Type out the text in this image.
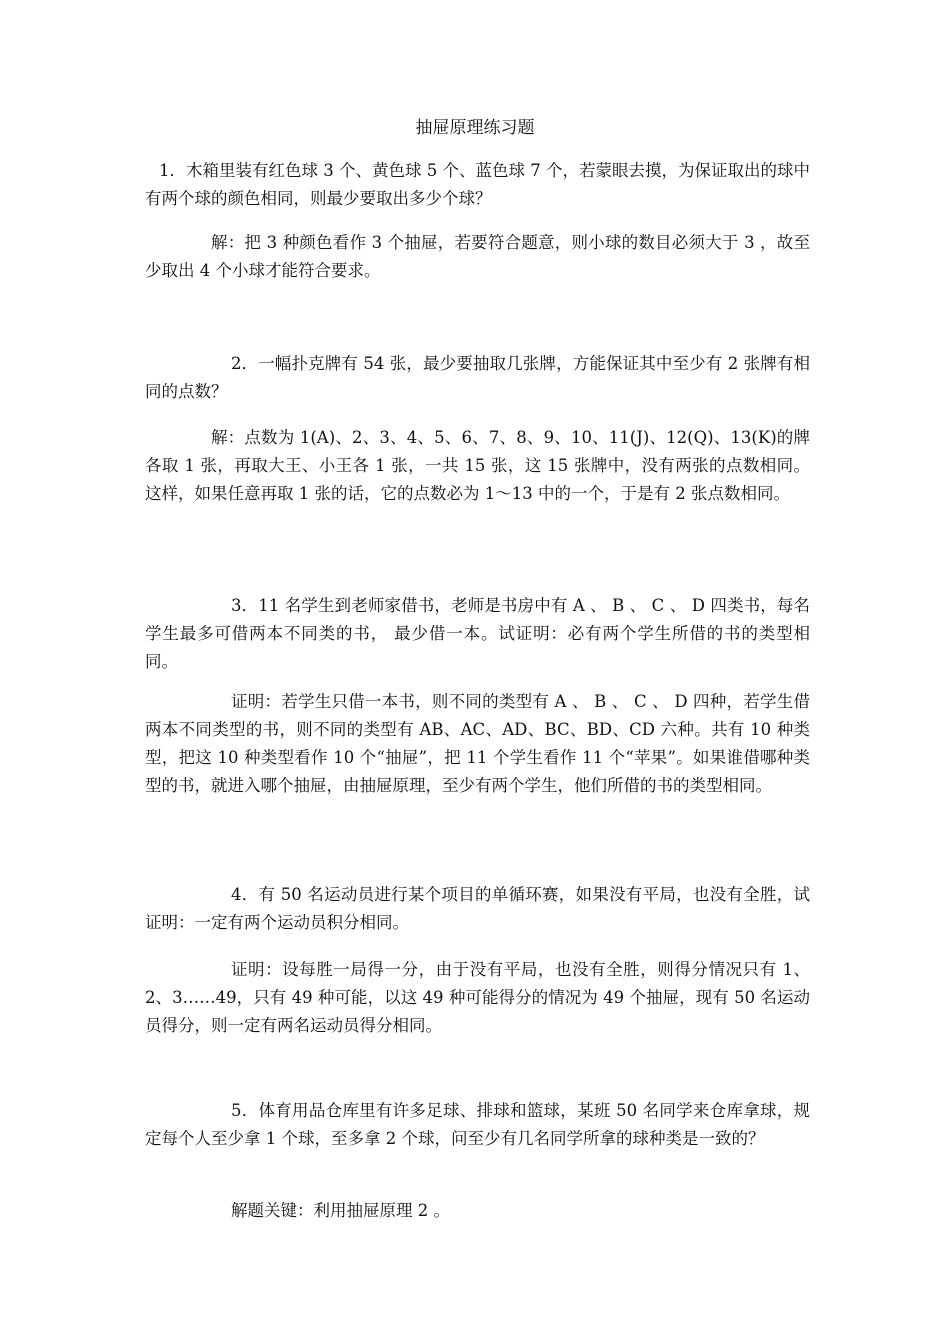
抽屉原理练习题

1．木箱里装有红色球 3 个、黄色球 5 个、蓝色球 7 个，若蒙眼去摸，为保证取出的球中有两个球的颜色相同，则最少要取出多少个球？

解：把 3 种颜色看作 3 个抽屉，若要符合题意，则小球的数目必须大于 3 ，故至少取出 4 个小球才能符合要求。

2．一幅扑克牌有 54 张，最少要抽取几张牌，方能保证其中至少有 2 张牌有相同的点数？

解：点数为 1(A)、2、3、4、5、6、7、8、9、10、11(J)、12(Q)、13(K)的牌各取 1 张，再取大王、小王各 1 张，一共 15 张，这 15 张牌中，没有两张的点数相同。这样，如果任意再取 1 张的话，它的点数必为 1～13 中的一个，于是有 2 张点数相同。

3．11 名学生到老师家借书，老师是书房中有 A 、 B 、 C 、 D 四类书，每名学生最多可借两本不同类的书， 最少借一本。试证明：必有两个学生所借的书的类型相同。

证明：若学生只借一本书，则不同的类型有 A 、 B 、 C 、 D 四种，若学生借两本不同类型的书，则不同的类型有 AB、AC、AD、BC、BD、CD 六种。共有 10 种类型，把这 10 种类型看作 10 个“抽屉”，把 11 个学生看作 11 个“苹果”。如果谁借哪种类型的书，就进入哪个抽屉，由抽屉原理，至少有两个学生，他们所借的书的类型相同。

4．有 50 名运动员进行某个项目的单循环赛，如果没有平局，也没有全胜，试证明：一定有两个运动员积分相同。

证明：设每胜一局得一分，由于没有平局，也没有全胜，则得分情况只有 1、2、3……49，只有 49 种可能，以这 49 种可能得分的情况为 49 个抽屉，现有 50 名运动员得分，则一定有两名运动员得分相同。

5．体育用品仓库里有许多足球、排球和篮球，某班 50 名同学来仓库拿球，规定每个人至少拿 1 个球，至多拿 2 个球，问至少有几名同学所拿的球种类是一致的？

解题关键：利用抽屉原理 2 。
